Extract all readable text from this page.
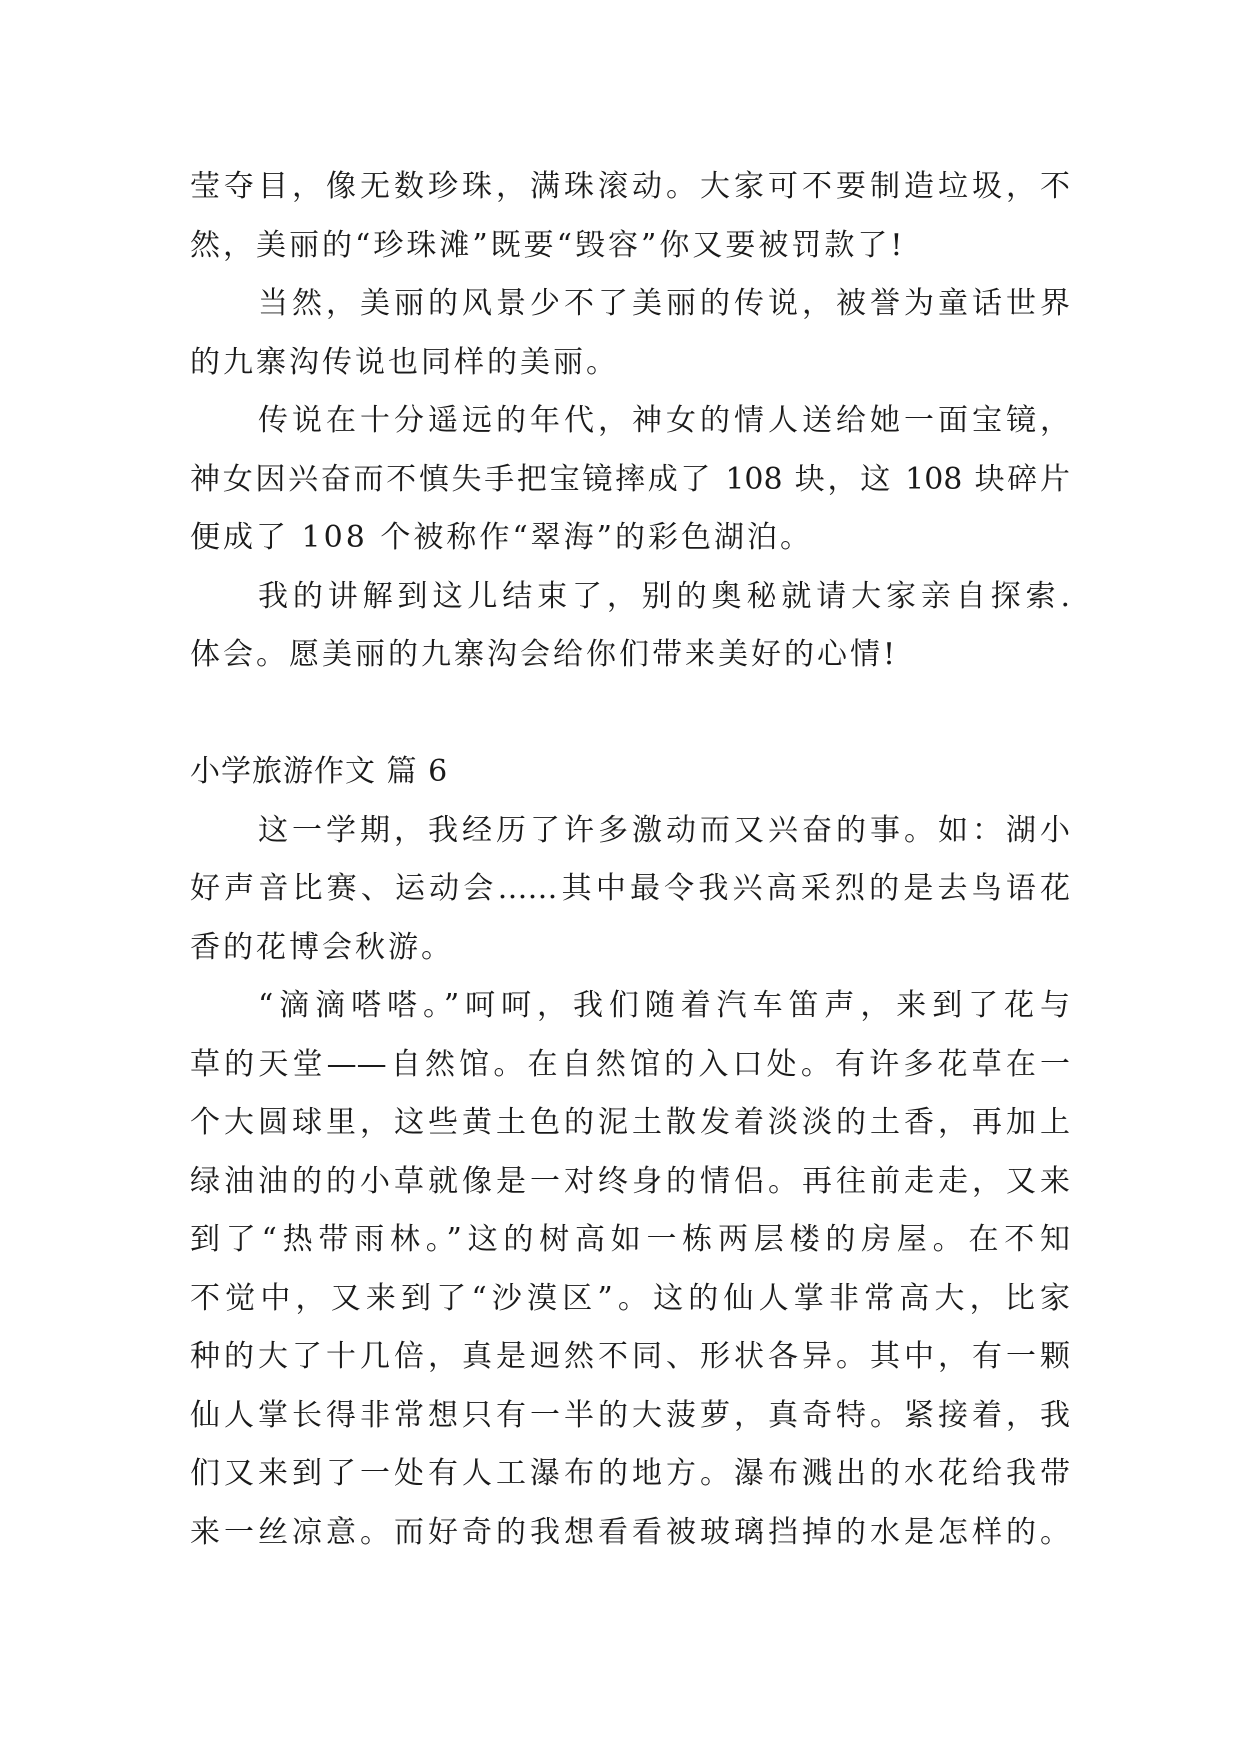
莹夺目，像无数珍珠，满珠滚动。大家可不要制造垃圾，不
然，美丽的“珍珠滩”既要“毁容”你又要被罚款了!
当然，美丽的风景少不了美丽的传说，被誉为童话世界
的九寨沟传说也同样的美丽。
传说在十分遥远的年代，神女的情人送给她一面宝镜，
神女因兴奋而不慎失手把宝镜摔成了 108 块，这 108 块碎片
便成了 108 个被称作“翠海”的彩色湖泊。
我的讲解到这儿结束了，别的奥秘就请大家亲自探索.
体会。愿美丽的九寨沟会给你们带来美好的心情!
小学旅游作文 篇 6
这一学期，我经历了许多激动而又兴奋的事。如：湖小
好声音比赛、运动会……其中最令我兴高采烈的是去鸟语花
香的花博会秋游。
“滴滴嗒嗒。”呵呵，我们随着汽车笛声，来到了花与
草的天堂——自然馆。在自然馆的入口处。有许多花草在一
个大圆球里，这些黄土色的泥土散发着淡淡的土香，再加上
绿油油的的小草就像是一对终身的情侣。再往前走走，又来
到了“热带雨林。”这的树高如一栋两层楼的房屋。在不知
不觉中，又来到了“沙漠区”。这的仙人掌非常高大，比家
种的大了十几倍，真是迥然不同、形状各异。其中，有一颗
仙人掌长得非常想只有一半的大菠萝，真奇特。紧接着，我
们又来到了一处有人工瀑布的地方。瀑布溅出的水花给我带
来一丝凉意。而好奇的我想看看被玻璃挡掉的水是怎样的。
